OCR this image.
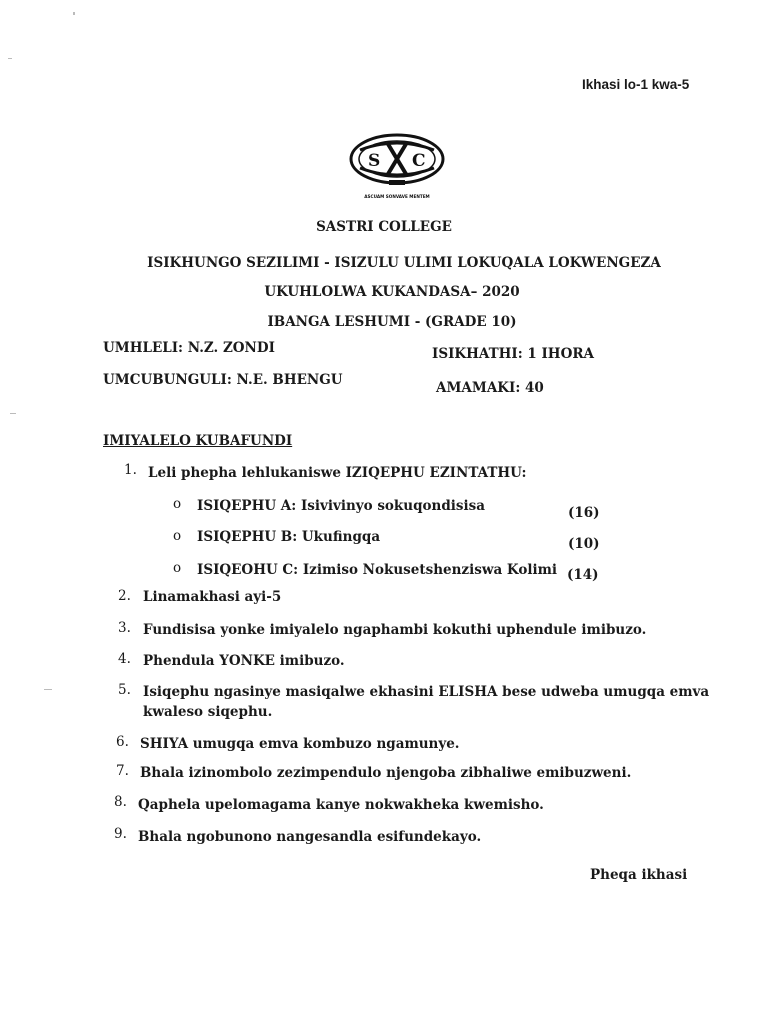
Ikhasi lo-1 kwa-5
S C
ASCUAM SONVAVE MENTEM
SASTRI COLLEGE
ISIKHUNGO SEZILIMI - ISIZULU ULIMI LOKUQALA LOKWENGEZA
UKUHLOLWA KUKANDASA– 2020
IBANGA LESHUMI - (GRADE 10)
UMHLELI: N.Z. ZONDI	ISIKHATHI: 1 IHORA
UMCUBUNGULI: N.E. BHENGU	AMAMAKI: 40
IMIYALELO KUBAFUNDI
1. Leli phepha lehlukaniswe IZIQEPHU EZINTATHU:
o ISIQEPHU A: Isivivinyo sokuqondisisa	(16)
o ISIQEPHU B: Ukufingqa	(10)
o ISIQEOHU C: Izimiso Nokusetshenziswa Kolimi (14)
2. Linamakhasi ayi-5
3. Fundisisa yonke imiyalelo ngaphambi kokuthi uphendule imibuzo.
4. Phendula YONKE imibuzo.
5. Isiqephu ngasinye masiqalwe ekhasini ELISHA bese udweba umugqa emva
kwaleso siqephu.
6. SHIYA umugqa emva kombuzo ngamunye.
7. Bhala izinombolo zezimpendulo njengoba zibhaliwe emibuzweni.
8. Qaphela upelomagama kanye nokwakheka kwemisho.
9. Bhala ngobunono nangesandla esifundekayo.
Pheqa ikhasi
